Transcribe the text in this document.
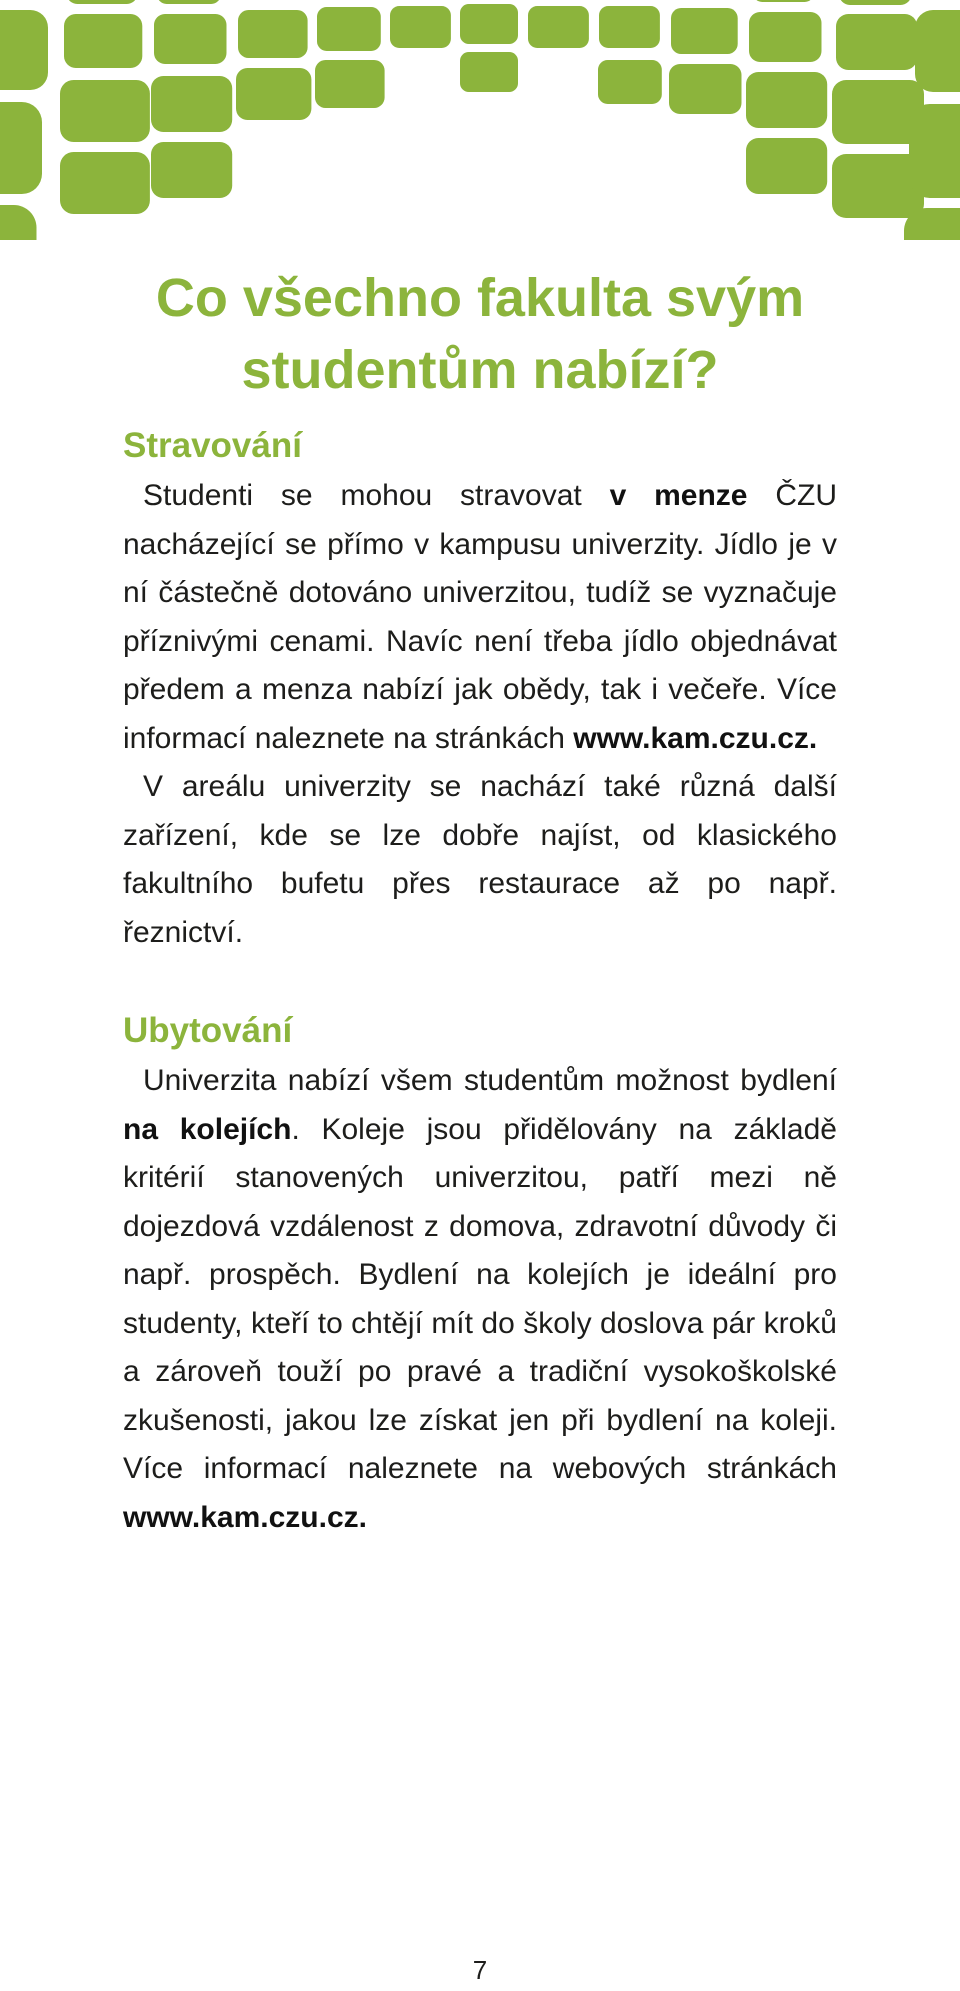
Co všechno fakulta svým
studentům nabízí?
Stravování

Studenti se mohou stravovat v menze ČZU nacházející se přímo v kampusu univerzity. Jídlo je v ní částečně dotováno univerzitou, tudíž se vyznačuje příznivými cenami. Navíc není třeba jídlo objednávat předem a menza nabízí jak obědy, tak i večeře. Více informací naleznete na stránkách www.kam.czu.cz.

V areálu univerzity se nachází také různá další zařízení, kde se lze dobře najíst, od klasického fakultního bufetu přes restaurace až po např. řeznictví.

Ubytování

Univerzita nabízí všem studentům možnost bydlení na kolejích. Koleje jsou přidělovány na základě kritérií stanovených univerzitou, patří mezi ně dojezdová vzdálenost z domova, zdravotní důvody či např. prospěch. Bydlení na kolejích je ideální pro studenty, kteří to chtějí mít do školy doslova pár kroků a zároveň touží po pravé a tradiční vysokoškolské zkušenosti, jakou lze získat jen při bydlení na koleji. Více informací naleznete na webových stránkách www.kam.czu.cz.

7
